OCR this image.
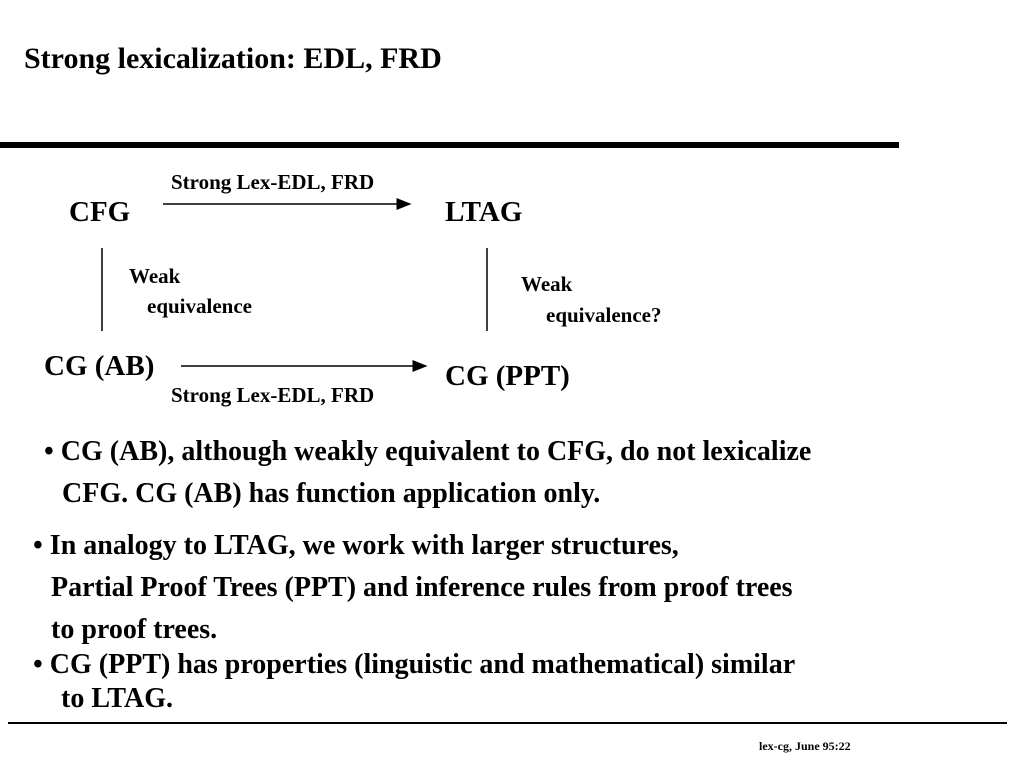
Strong lexicalization: EDL, FRD
CFG	LTAG
CG (AB)	CG (PPT)
Strong Lex-EDL, FRD
Strong Lex-EDL, FRD
Weak
equivalence
Weak
equivalence?
• CG (AB), although weakly equivalent to CFG, do not lexicalize
CFG. CG (AB) has function application only.
• In analogy to LTAG, we work with larger structures,
Partial Proof Trees (PPT) and inference rules from proof trees
to proof trees.
• CG (PPT) has properties (linguistic and mathematical) similar
to LTAG.
lex-cg, June 95:22
